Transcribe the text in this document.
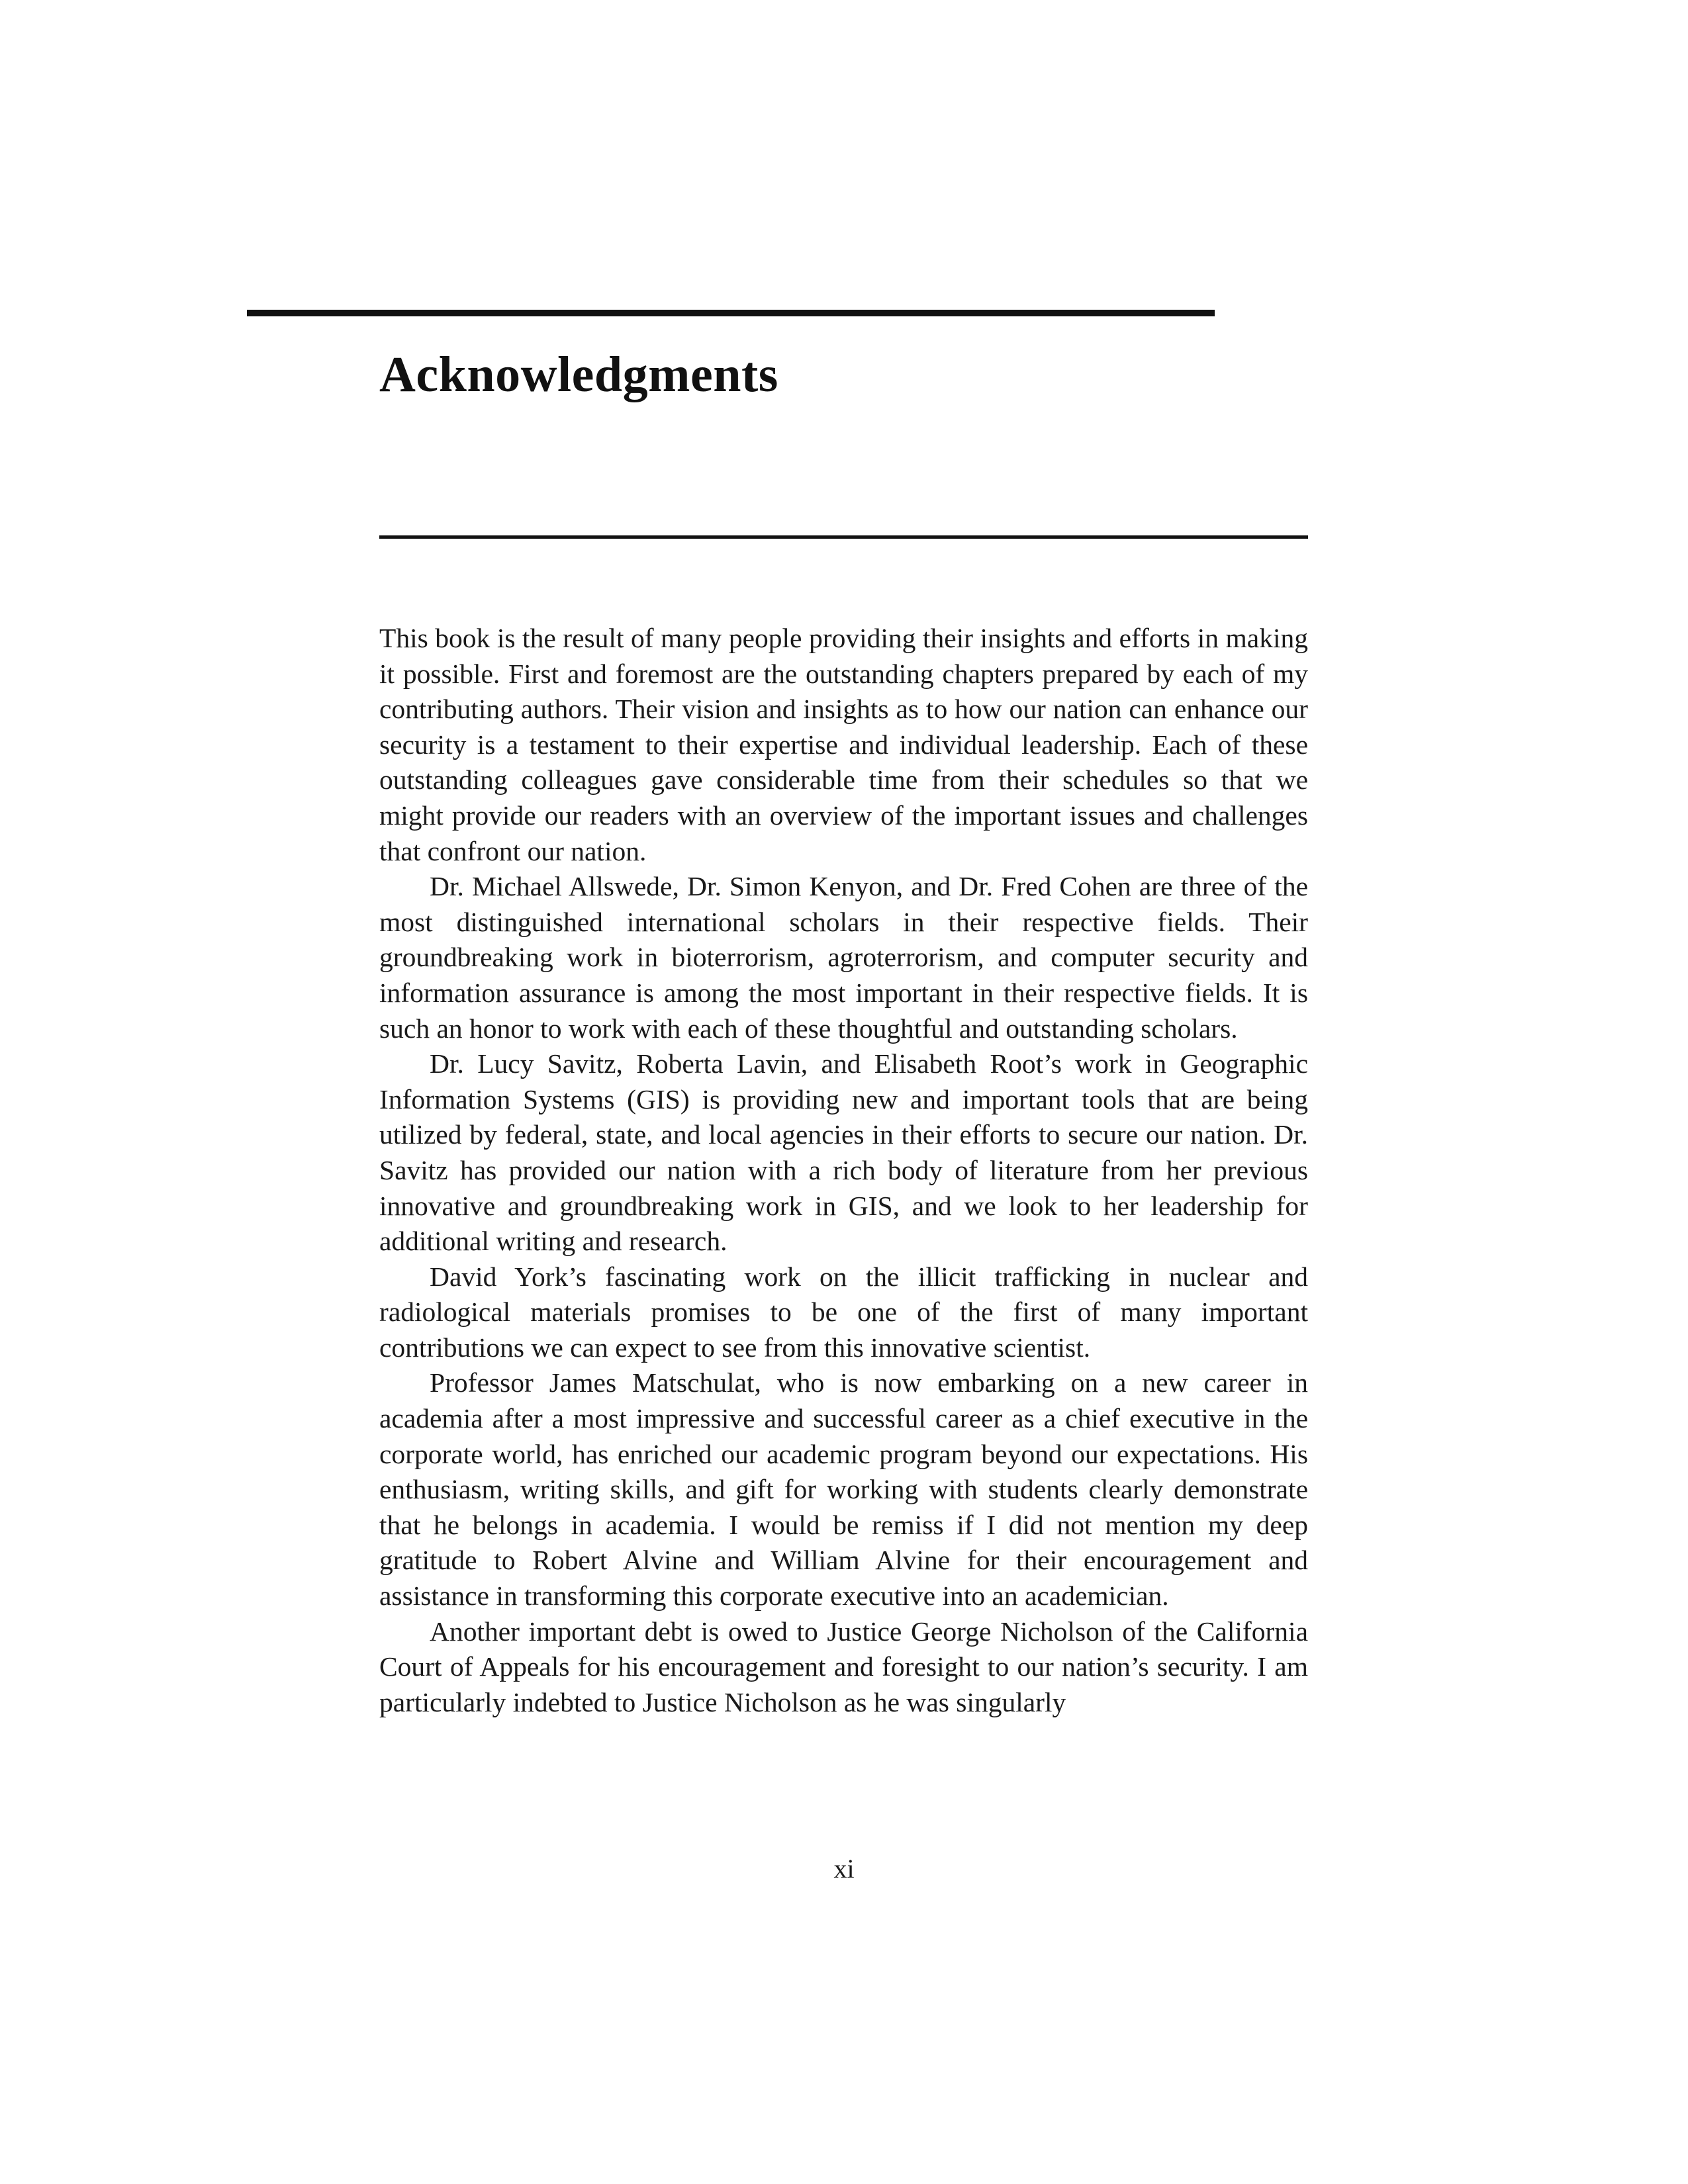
Acknowledgments

This book is the result of many people providing their insights and efforts in making it possible. First and foremost are the outstanding chapters prepared by each of my contributing authors. Their vision and insights as to how our nation can enhance our security is a testament to their expertise and individual leadership. Each of these outstanding colleagues gave considerable time from their schedules so that we might provide our readers with an overview of the important issues and challenges that confront our nation.

Dr. Michael Allswede, Dr. Simon Kenyon, and Dr. Fred Cohen are three of the most distinguished international scholars in their respective fields. Their groundbreaking work in bioterrorism, agroterrorism, and computer security and information assurance is among the most important in their respective fields. It is such an honor to work with each of these thoughtful and outstanding scholars.

Dr. Lucy Savitz, Roberta Lavin, and Elisabeth Root’s work in Geographic Information Systems (GIS) is providing new and important tools that are being utilized by federal, state, and local agencies in their efforts to secure our nation. Dr. Savitz has provided our nation with a rich body of literature from her previous innovative and groundbreaking work in GIS, and we look to her leadership for additional writing and research.

David York’s fascinating work on the illicit trafficking in nuclear and radiological materials promises to be one of the first of many important contributions we can expect to see from this innovative scientist.

Professor James Matschulat, who is now embarking on a new career in academia after a most impressive and successful career as a chief executive in the corporate world, has enriched our academic program beyond our expectations. His enthusiasm, writing skills, and gift for working with students clearly demonstrate that he belongs in academia. I would be remiss if I did not mention my deep gratitude to Robert Alvine and William Alvine for their encouragement and assistance in transforming this corporate executive into an academician.

Another important debt is owed to Justice George Nicholson of the California Court of Appeals for his encouragement and foresight to our nation’s security. I am particularly indebted to Justice Nicholson as he was singularly

xi
